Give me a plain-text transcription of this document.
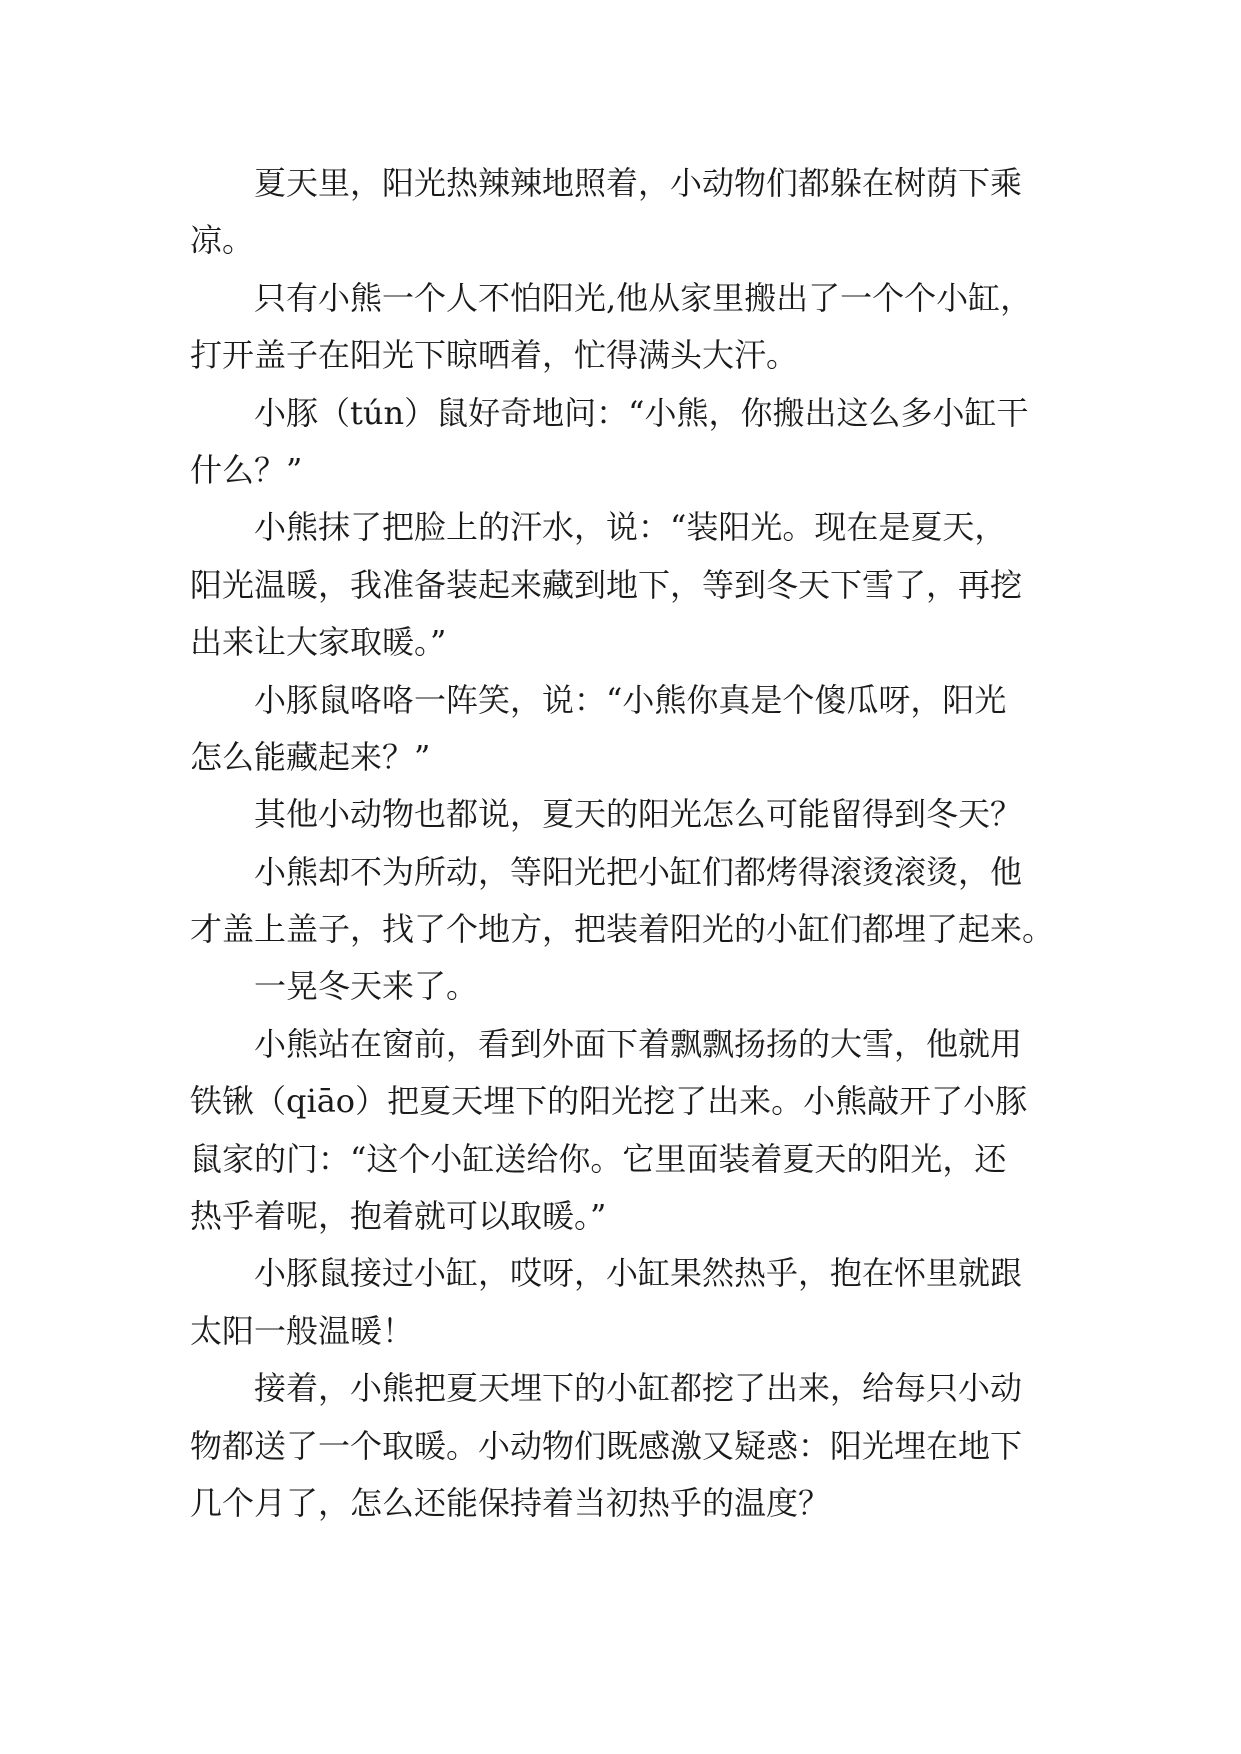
夏天里，阳光热辣辣地照着，小动物们都躲在树荫下乘
凉。
只有小熊一个人不怕阳光,他从家里搬出了一个个小缸，
打开盖子在阳光下晾晒着，忙得满头大汗。
小豚（tún）鼠好奇地问：“小熊，你搬出这么多小缸干
什么？”
小熊抹了把脸上的汗水，说：“装阳光。现在是夏天，
阳光温暖，我准备装起来藏到地下，等到冬天下雪了，再挖
出来让大家取暖。”
小豚鼠咯咯一阵笑，说：“小熊你真是个傻瓜呀，阳光
怎么能藏起来？”
其他小动物也都说，夏天的阳光怎么可能留得到冬天？
小熊却不为所动，等阳光把小缸们都烤得滚烫滚烫，他
才盖上盖子，找了个地方，把装着阳光的小缸们都埋了起来。
一晃冬天来了。
小熊站在窗前，看到外面下着飘飘扬扬的大雪，他就用
铁锹（qiāo）把夏天埋下的阳光挖了出来。小熊敲开了小豚
鼠家的门：“这个小缸送给你。它里面装着夏天的阳光，还
热乎着呢，抱着就可以取暖。”
小豚鼠接过小缸，哎呀，小缸果然热乎，抱在怀里就跟
太阳一般温暖！
接着，小熊把夏天埋下的小缸都挖了出来，给每只小动
物都送了一个取暖。小动物们既感激又疑惑：阳光埋在地下
几个月了，怎么还能保持着当初热乎的温度？
